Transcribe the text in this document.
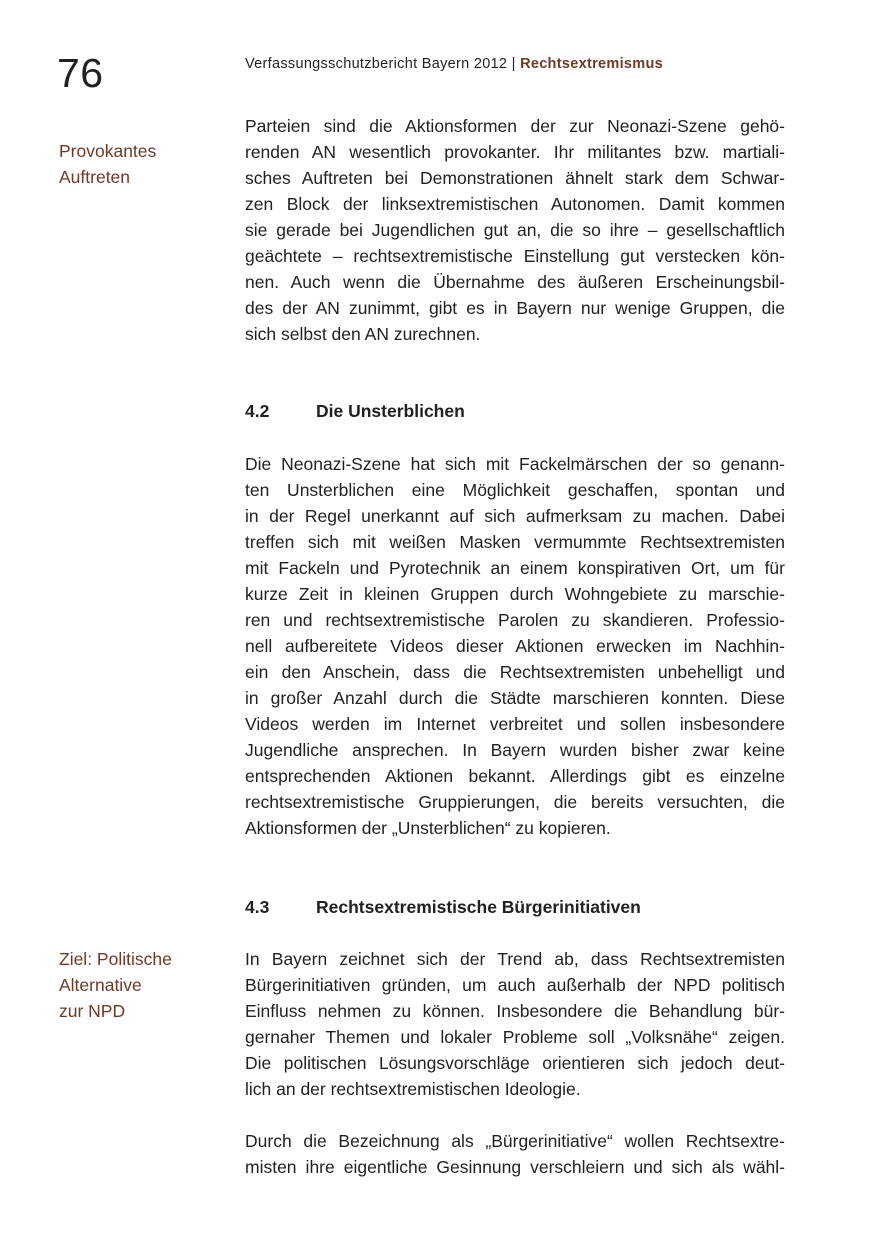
76	Verfassungsschutzbericht Bayern 2012 | Rechtsextremismus
Provokantes
Auftreten
Parteien sind die Aktionsformen der zur Neonazi-Szene gehö-
renden AN wesentlich provokanter. Ihr militantes bzw. martiali-
sches Auftreten bei Demonstrationen ähnelt stark dem Schwar-
zen Block der linksextremistischen Autonomen. Damit kommen
sie gerade bei Jugendlichen gut an, die so ihre – gesellschaftlich
geächtete – rechtsextremistische Einstellung gut verstecken kön-
nen. Auch wenn die Übernahme des äußeren Erscheinungsbil-
des der AN zunimmt, gibt es in Bayern nur wenige Gruppen, die
sich selbst den AN zurechnen.
4.2	Die Unsterblichen
Die Neonazi-Szene hat sich mit Fackelmärschen der so genann-
ten Unsterblichen eine Möglichkeit geschaffen, spontan und
in der Regel unerkannt auf sich aufmerksam zu machen. Dabei
treffen sich mit weißen Masken vermummte Rechtsextremisten
mit Fackeln und Pyrotechnik an einem konspirativen Ort, um für
kurze Zeit in kleinen Gruppen durch Wohngebiete zu marschie-
ren und rechtsextremistische Parolen zu skandieren. Professio-
nell aufbereitete Videos dieser Aktionen erwecken im Nachhin-
ein den Anschein, dass die Rechtsextremisten unbehelligt und
in großer Anzahl durch die Städte marschieren konnten. Diese
Videos werden im Internet verbreitet und sollen insbesondere
Jugendliche ansprechen. In Bayern wurden bisher zwar keine
entsprechenden Aktionen bekannt. Allerdings gibt es einzelne
rechtsextremistische Gruppierungen, die bereits versuchten, die
Aktionsformen der „Unsterblichen“ zu kopieren.
4.3	Rechtsextremistische Bürgerinitiativen
Ziel: Politische
Alternative
zur NPD
In Bayern zeichnet sich der Trend ab, dass Rechtsextremisten
Bürgerinitiativen gründen, um auch außerhalb der NPD politisch
Einfluss nehmen zu können. Insbesondere die Behandlung bür-
gernaher Themen und lokaler Probleme soll „Volksnähe“ zeigen.
Die politischen Lösungsvorschläge orientieren sich jedoch deut-
lich an der rechtsextremistischen Ideologie.
Durch die Bezeichnung als „Bürgerinitiative“ wollen Rechtsextre-
misten ihre eigentliche Gesinnung verschleiern und sich als wähl-
